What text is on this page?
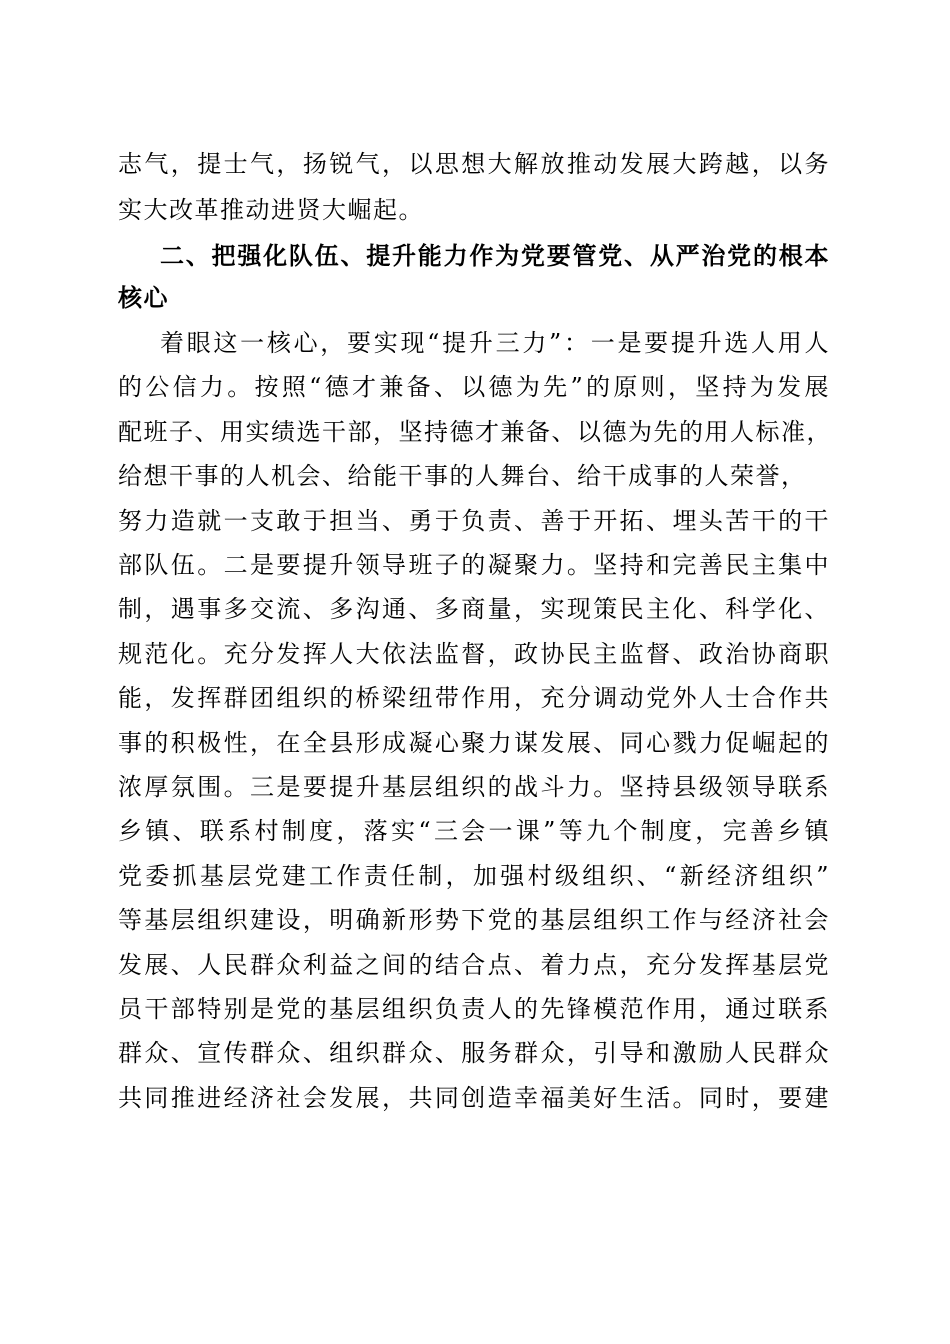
志气，提士气，扬锐气，以思想大解放推动发展大跨越，以务
实大改革推动进贤大崛起。
二、把强化队伍、提升能力作为党要管党、从严治党的根本
核心
着眼这一核心，要实现“提升三力”：一是要提升选人用人
的公信力。按照“德才兼备、以德为先”的原则，坚持为发展
配班子、用实绩选干部，坚持德才兼备、以德为先的用人标准，
给想干事的人机会、给能干事的人舞台、给干成事的人荣誉，
努力造就一支敢于担当、勇于负责、善于开拓、埋头苦干的干
部队伍。二是要提升领导班子的凝聚力。坚持和完善民主集中
制，遇事多交流、多沟通、多商量，实现策民主化、科学化、
规范化。充分发挥人大依法监督，政协民主监督、政治协商职
能，发挥群团组织的桥梁纽带作用，充分调动党外人士合作共
事的积极性，在全县形成凝心聚力谋发展、同心戮力促崛起的
浓厚氛围。三是要提升基层组织的战斗力。坚持县级领导联系
乡镇、联系村制度，落实“三会一课”等九个制度，完善乡镇
党委抓基层党建工作责任制，加强村级组织、“新经济组织”
等基层组织建设，明确新形势下党的基层组织工作与经济社会
发展、人民群众利益之间的结合点、着力点，充分发挥基层党
员干部特别是党的基层组织负责人的先锋模范作用，通过联系
群众、宣传群众、组织群众、服务群众，引导和激励人民群众
共同推进经济社会发展，共同创造幸福美好生活。同时，要建
